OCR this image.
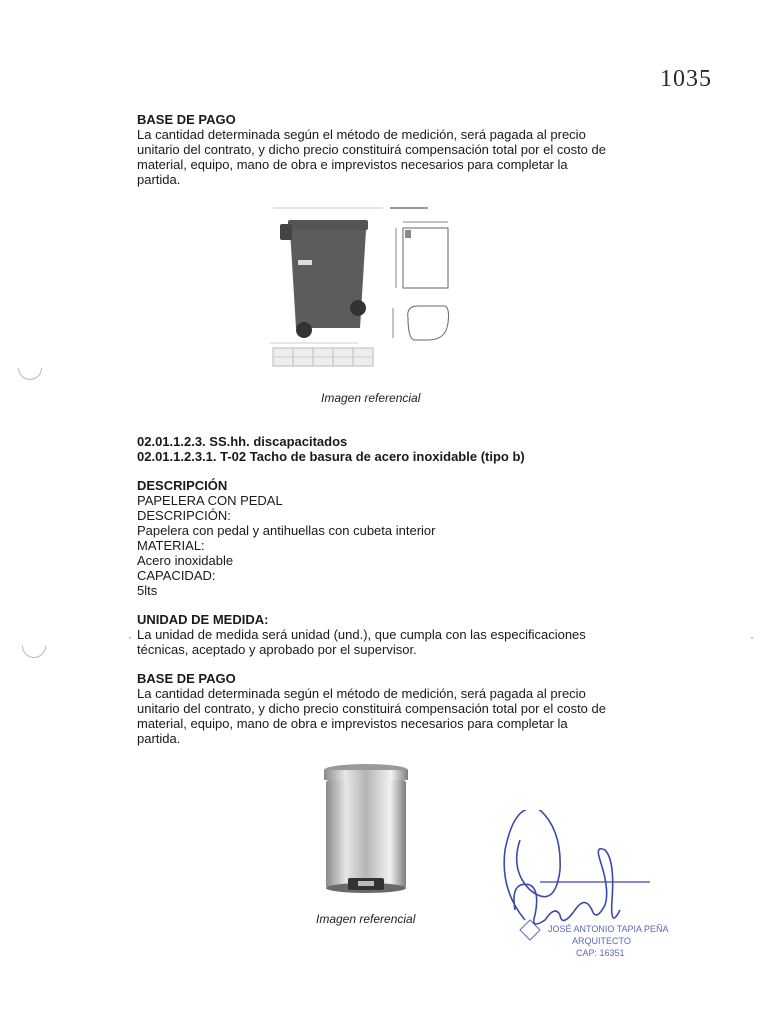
1035

BASE DE PAGO

La cantidad determinada según el método de medición, será pagada al precio

unitario del contrato, y dicho precio constituirá compensación total por el costo de

material, equipo, mano de obra e imprevistos necesarios para completar la

partida.

Imagen referencial

02.01.1.2.3. SS.hh. discapacitados

02.01.1.2.3.1. T-02 Tacho de basura de acero inoxidable (tipo b)

DESCRIPCIÓN

PAPELERA CON PEDAL

DESCRIPCIÓN:

Papelera con pedal y antihuellas con cubeta interior

MATERIAL:

Acero inoxidable

CAPACIDAD:

5lts

UNIDAD DE MEDIDA:

La unidad de medida será unidad (und.), que cumpla con las especificaciones

técnicas, aceptado y aprobado por el supervisor.

·	·

BASE DE PAGO

La cantidad determinada según el método de medición, será pagada al precio

unitario del contrato, y dicho precio constituirá compensación total por el costo de

material, equipo, mano de obra e imprevistos necesarios para completar la

partida.

Imagen referencial
JOSÉ ANTONIO TAPIA PEÑA
ARQUITECTO
CAP: 16351
